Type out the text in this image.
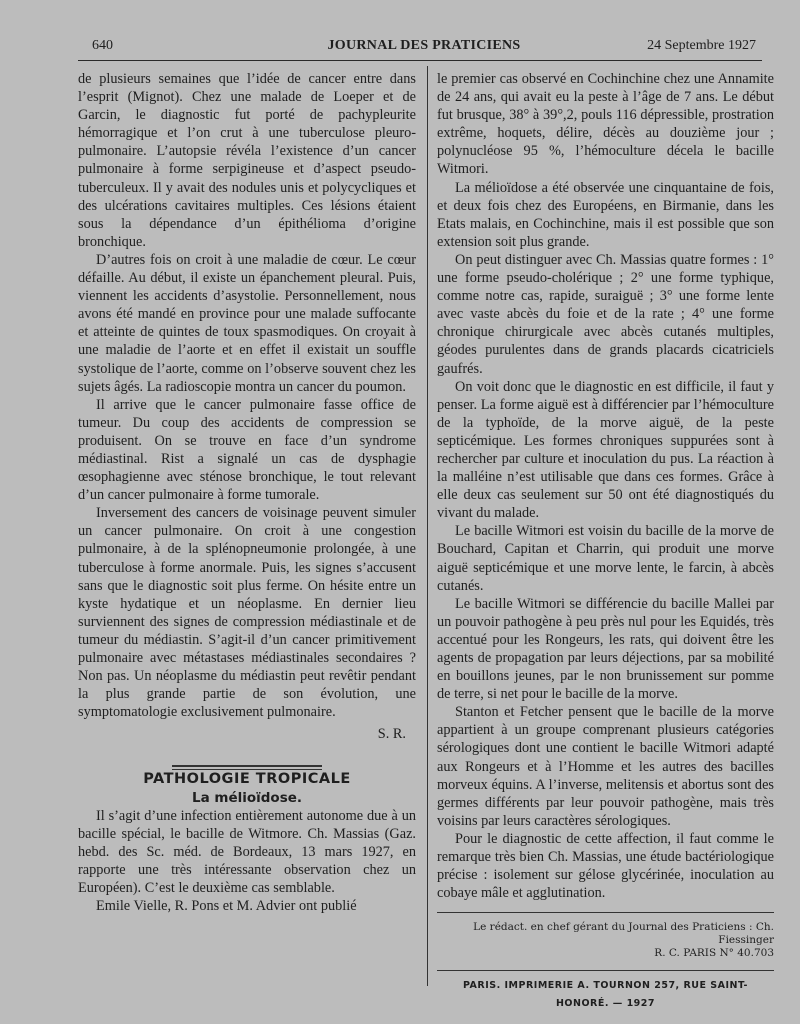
640	JOURNAL DES PRATICIENS	24 Septembre 1927

de plusieurs semaines que l’idée de cancer entre dans l’esprit (Mignot). Chez une malade de Loeper et de Garcin, le diagnostic fut porté de pachypleurite hémorragique et l’on crut à une tuberculose pleuro-pulmonaire. L’autopsie révéla l’existence d’un cancer pulmonaire à forme serpigineuse et d’aspect pseudo-tuberculeux. Il y avait des nodules unis et polycycliques et des ulcérations cavitaires multiples. Ces lésions étaient sous la dépendance d’un épithélioma d’origine bronchique.

D’autres fois on croit à une maladie de cœur. Le cœur défaille. Au début, il existe un épanchement pleural. Puis, viennent les accidents d’asystolie. Personnellement, nous avons été mandé en province pour une malade suffocante et atteinte de quintes de toux spasmodiques. On croyait à une maladie de l’aorte et en effet il existait un souffle systolique de l’aorte, comme on l’observe souvent chez les sujets âgés. La radioscopie montra un cancer du poumon.

Il arrive que le cancer pulmonaire fasse office de tumeur. Du coup des accidents de compression se produisent. On se trouve en face d’un syndrome médiastinal. Rist a signalé un cas de dysphagie œsophagienne avec sténose bronchique, le tout relevant d’un cancer pulmonaire à forme tumorale.

Inversement des cancers de voisinage peuvent simuler un cancer pulmonaire. On croit à une congestion pulmonaire, à de la splénopneumonie prolongée, à une tuberculose à forme anormale. Puis, les signes s’accusent sans que le diagnostic soit plus ferme. On hésite entre un kyste hydatique et un néoplasme. En dernier lieu surviennent des signes de compression médiastinale et de tumeur du médiastin. S’agit-il d’un cancer primitivement pulmonaire avec métastases médiastinales secondaires ? Non pas. Un néoplasme du médiastin peut revêtir pendant la plus grande partie de son évolution, une symptomatologie exclusivement pulmonaire.

S. R.

PATHOLOGIE TROPICALE

La mélioïdose.

Il s’agit d’une infection entièrement autonome due à un bacille spécial, le bacille de Witmore. Ch. Massias (Gaz. hebd. des Sc. méd. de Bordeaux, 13 mars 1927, en rapporte une très intéressante observation chez un Européen). C’est le deuxième cas semblable.

Emile Vielle, R. Pons et M. Advier ont publié

le premier cas observé en Cochinchine chez une Annamite de 24 ans, qui avait eu la peste à l’âge de 7 ans. Le début fut brusque, 38° à 39°,2, pouls 116 dépressible, prostration extrême, hoquets, délire, décès au douzième jour ; polynucléose 95 %, l’hémoculture décela le bacille Witmori.

La mélioïdose a été observée une cinquantaine de fois, et deux fois chez des Européens, en Birmanie, dans les Etats malais, en Cochinchine, mais il est possible que son extension soit plus grande.

On peut distinguer avec Ch. Massias quatre formes : 1° une forme pseudo-cholérique ; 2° une forme typhique, comme notre cas, rapide, suraiguë ; 3° une forme lente avec vaste abcès du foie et de la rate ; 4° une forme chronique chirurgicale avec abcès cutanés multiples, géodes purulentes dans de grands placards cicatriciels gaufrés.

On voit donc que le diagnostic en est difficile, il faut y penser. La forme aiguë est à différencier par l’hémoculture de la typhoïde, de la morve aiguë, de la peste septicémique. Les formes chroniques suppurées sont à rechercher par culture et inoculation du pus. La réaction à la malléine n’est utilisable que dans ces formes. Grâce à elle deux cas seulement sur 50 ont été diagnostiqués du vivant du malade.

Le bacille Witmori est voisin du bacille de la morve de Bouchard, Capitan et Charrin, qui produit une morve aiguë septicémique et une morve lente, le farcin, à abcès cutanés.

Le bacille Witmori se différencie du bacille Mallei par un pouvoir pathogène à peu près nul pour les Equidés, très accentué pour les Rongeurs, les rats, qui doivent être les agents de propagation par leurs déjections, par sa mobilité en bouillons jeunes, par le non brunissement sur pomme de terre, si net pour le bacille de la morve.

Stanton et Fetcher pensent que le bacille de la morve appartient à un groupe comprenant plusieurs catégories sérologiques dont une contient le bacille Witmori adapté aux Rongeurs et à l’Homme et les autres des bacilles morveux équins. A l’inverse, melitensis et abortus sont des germes différents par leur pouvoir pathogène, mais très voisins par leurs caractères sérologiques.

Pour le diagnostic de cette affection, il faut comme le remarque très bien Ch. Massias, une étude bactériologique précise : isolement sur gélose glycérinée, inoculation au cobaye mâle et agglutination.

Le rédact. en chef gérant du Journal des Praticiens : Ch. Fiessinger
R. C. PARIS N° 40.703
PARIS. IMPRIMERIE A. TOURNON 257, RUE SAINT-HONORÉ. — 1927
